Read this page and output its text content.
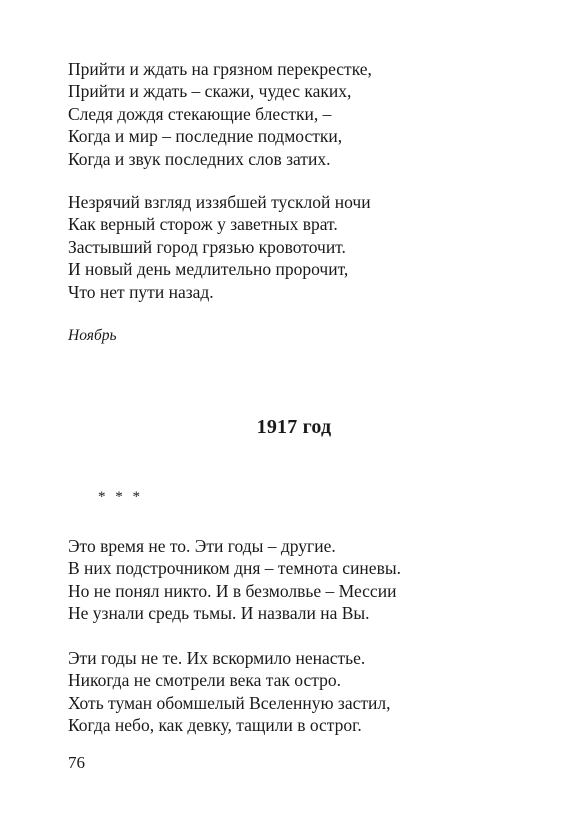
Прийти и ждать на грязном перекрестке,
Прийти и ждать – скажи, чудес каких,
Следя дождя стекающие блестки, –
Когда и мир – последние подмостки,
Когда и звук последних слов затих.
Незрячий взгляд иззябшей тусклой ночи
Как верный сторож у заветных врат.
Застывший город грязью кровоточит.
И новый день медлительно пророчит,
Что нет пути назад.
Ноябрь
1917 год
* * *
Это время не то. Эти годы – другие.
В них подстрочником дня – темнота синевы.
Но не понял никто. И в безмолвье – Мессии
Не узнали средь тьмы. И назвали на Вы.
Эти годы не те. Их вскормило ненастье.
Никогда не смотрели века так остро.
Хоть туман обомшелый Вселенную застил,
Когда небо, как девку, тащили в острог.
76
